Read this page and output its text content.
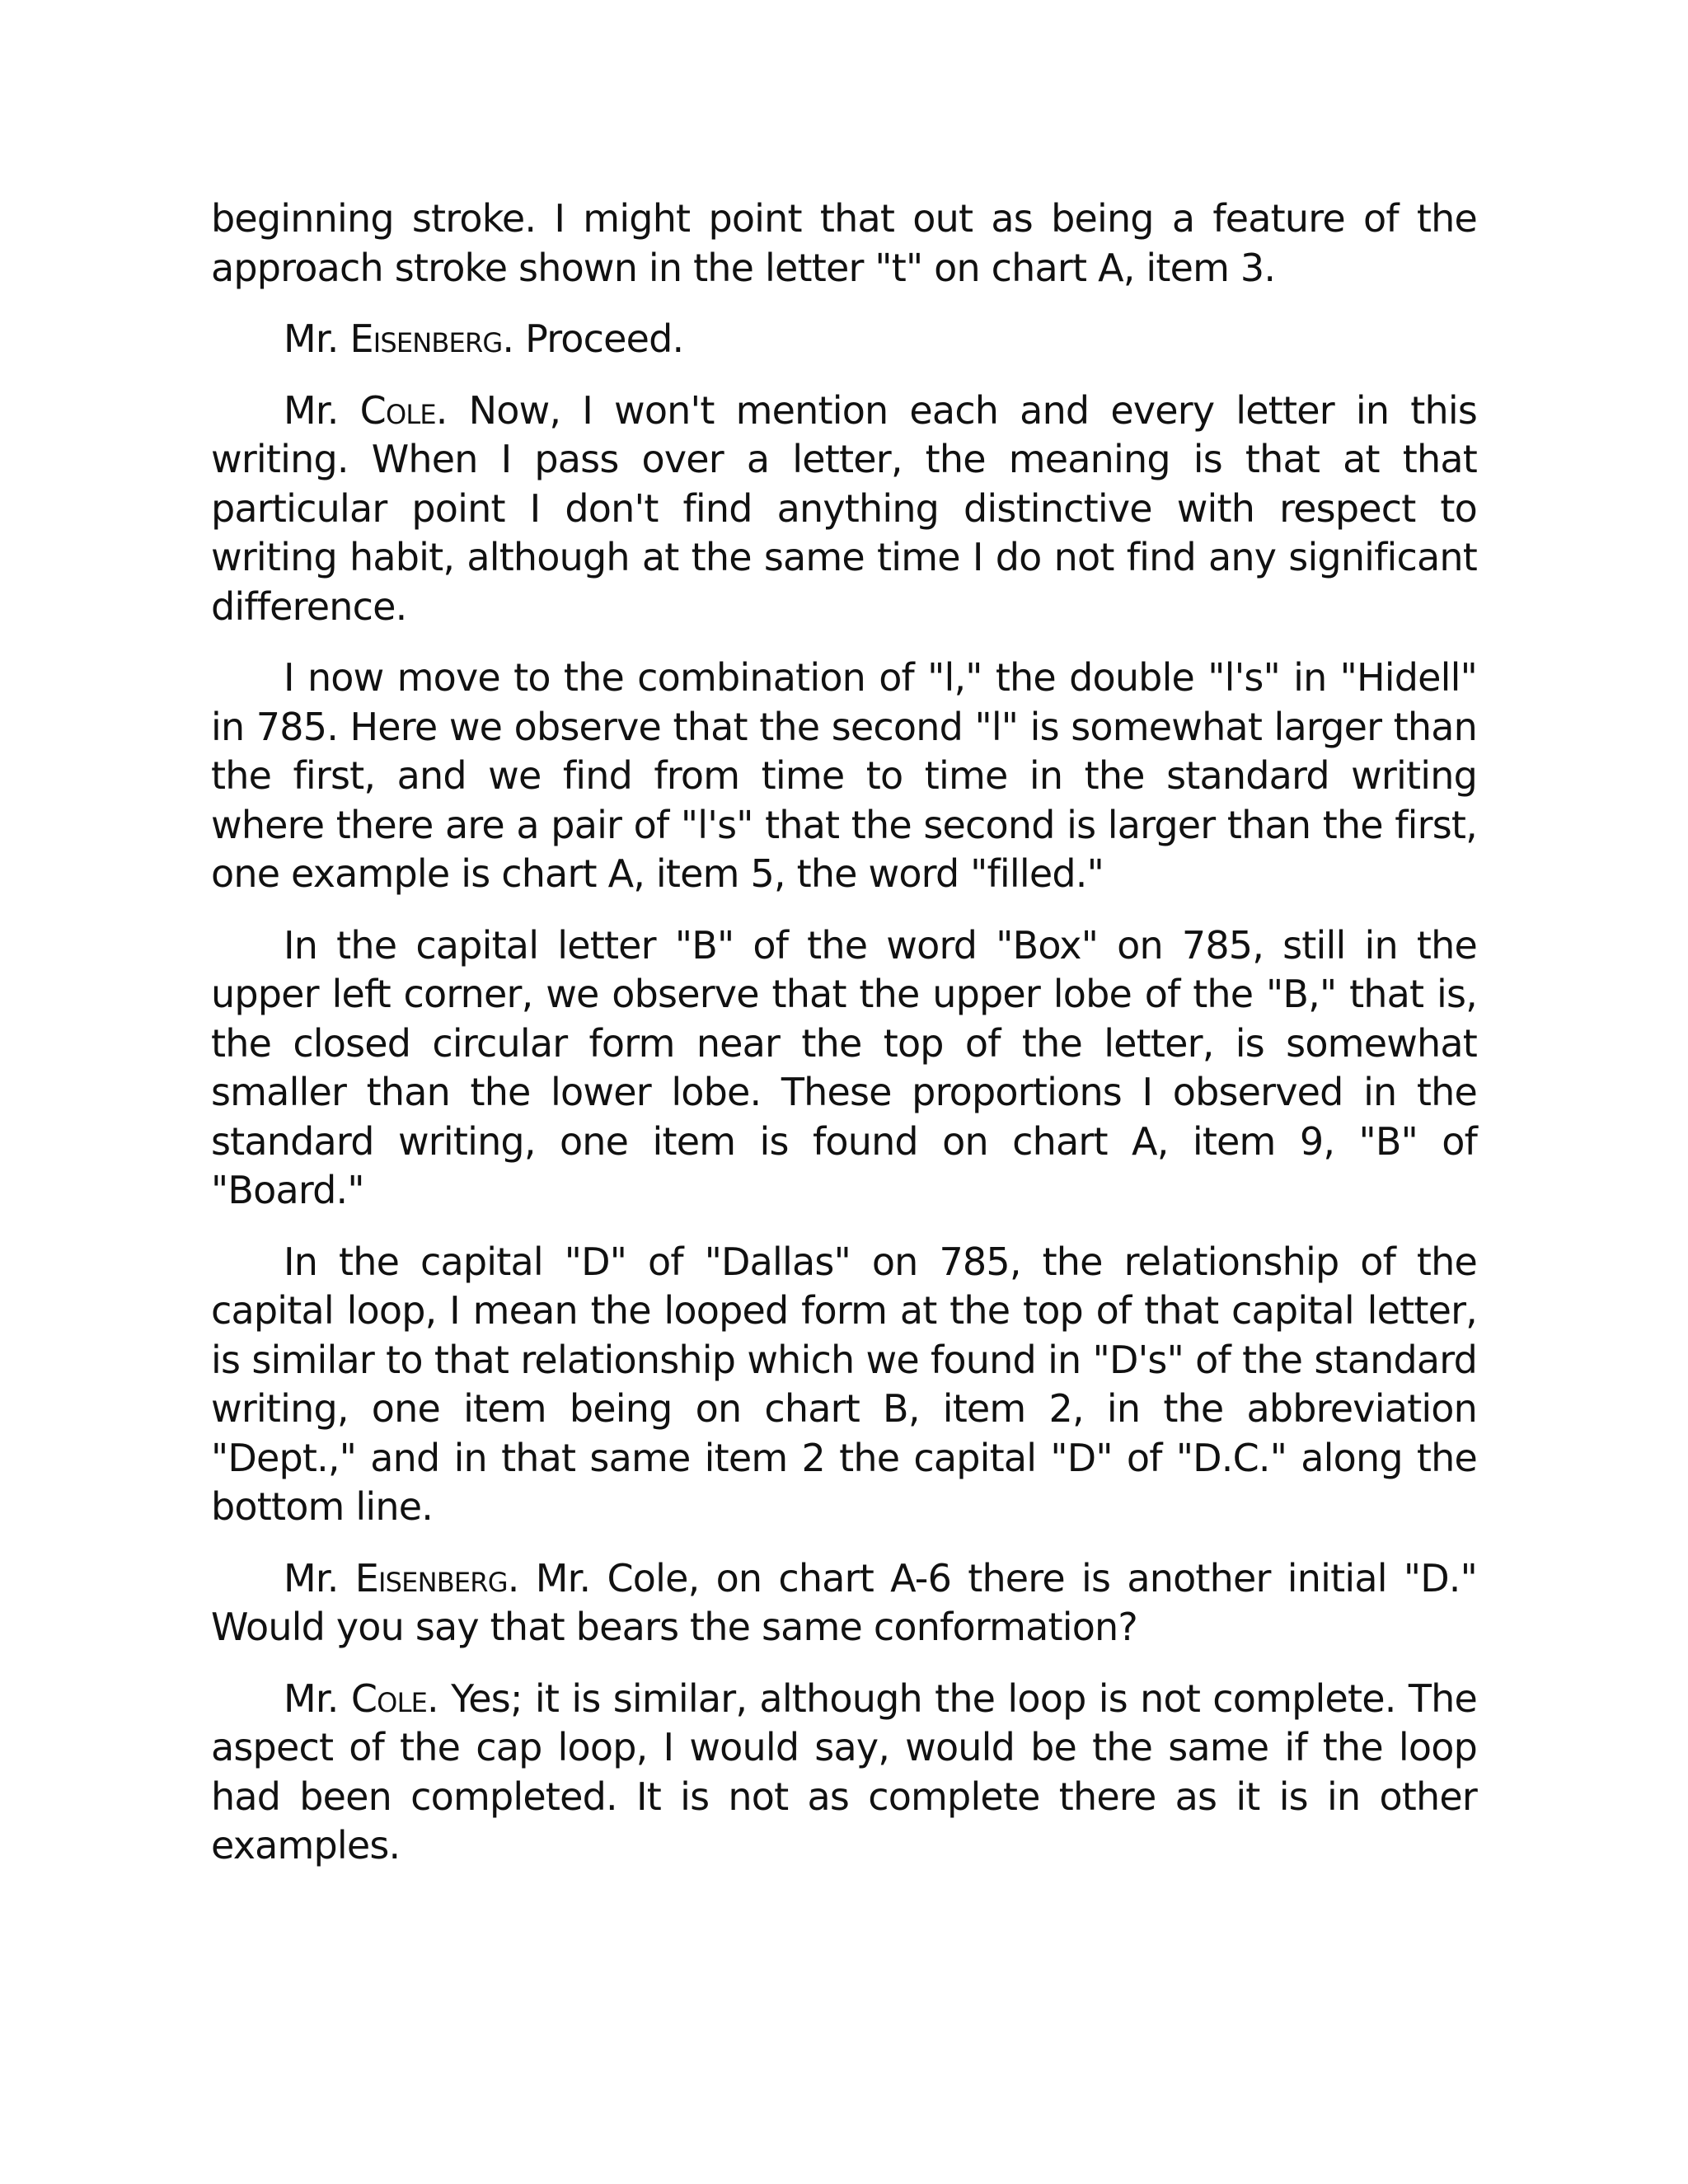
beginning stroke. I might point that out as being a feature of the approach stroke shown in the letter "t" on chart A, item 3.

Mr. Eisenberg. Proceed.

Mr. Cole. Now, I won't mention each and every letter in this writing. When I pass over a letter, the meaning is that at that particular point I don't find anything distinctive with respect to writing habit, although at the same time I do not find any significant difference.

I now move to the combination of "l," the double "l's" in "Hidell" in 785. Here we observe that the second "l" is somewhat larger than the first, and we find from time to time in the standard writing where there are a pair of "l's" that the second is larger than the first, one example is chart A, item 5, the word "filled."

In the capital letter "B" of the word "Box" on 785, still in the upper left corner, we observe that the upper lobe of the "B," that is, the closed circular form near the top of the letter, is somewhat smaller than the lower lobe. These proportions I observed in the standard writing, one item is found on chart A, item 9, "B" of "Board."

In the capital "D" of "Dallas" on 785, the relationship of the capital loop, I mean the looped form at the top of that capital letter, is similar to that relationship which we found in "D's" of the standard writing, one item being on chart B, item 2, in the abbreviation "Dept.," and in that same item 2 the capital "D" of "D.C." along the bottom line.

Mr. Eisenberg. Mr. Cole, on chart A-6 there is another initial "D." Would you say that bears the same conformation?

Mr. Cole. Yes; it is similar, although the loop is not complete. The aspect of the cap loop, I would say, would be the same if the loop had been completed. It is not as complete there as it is in other examples.
